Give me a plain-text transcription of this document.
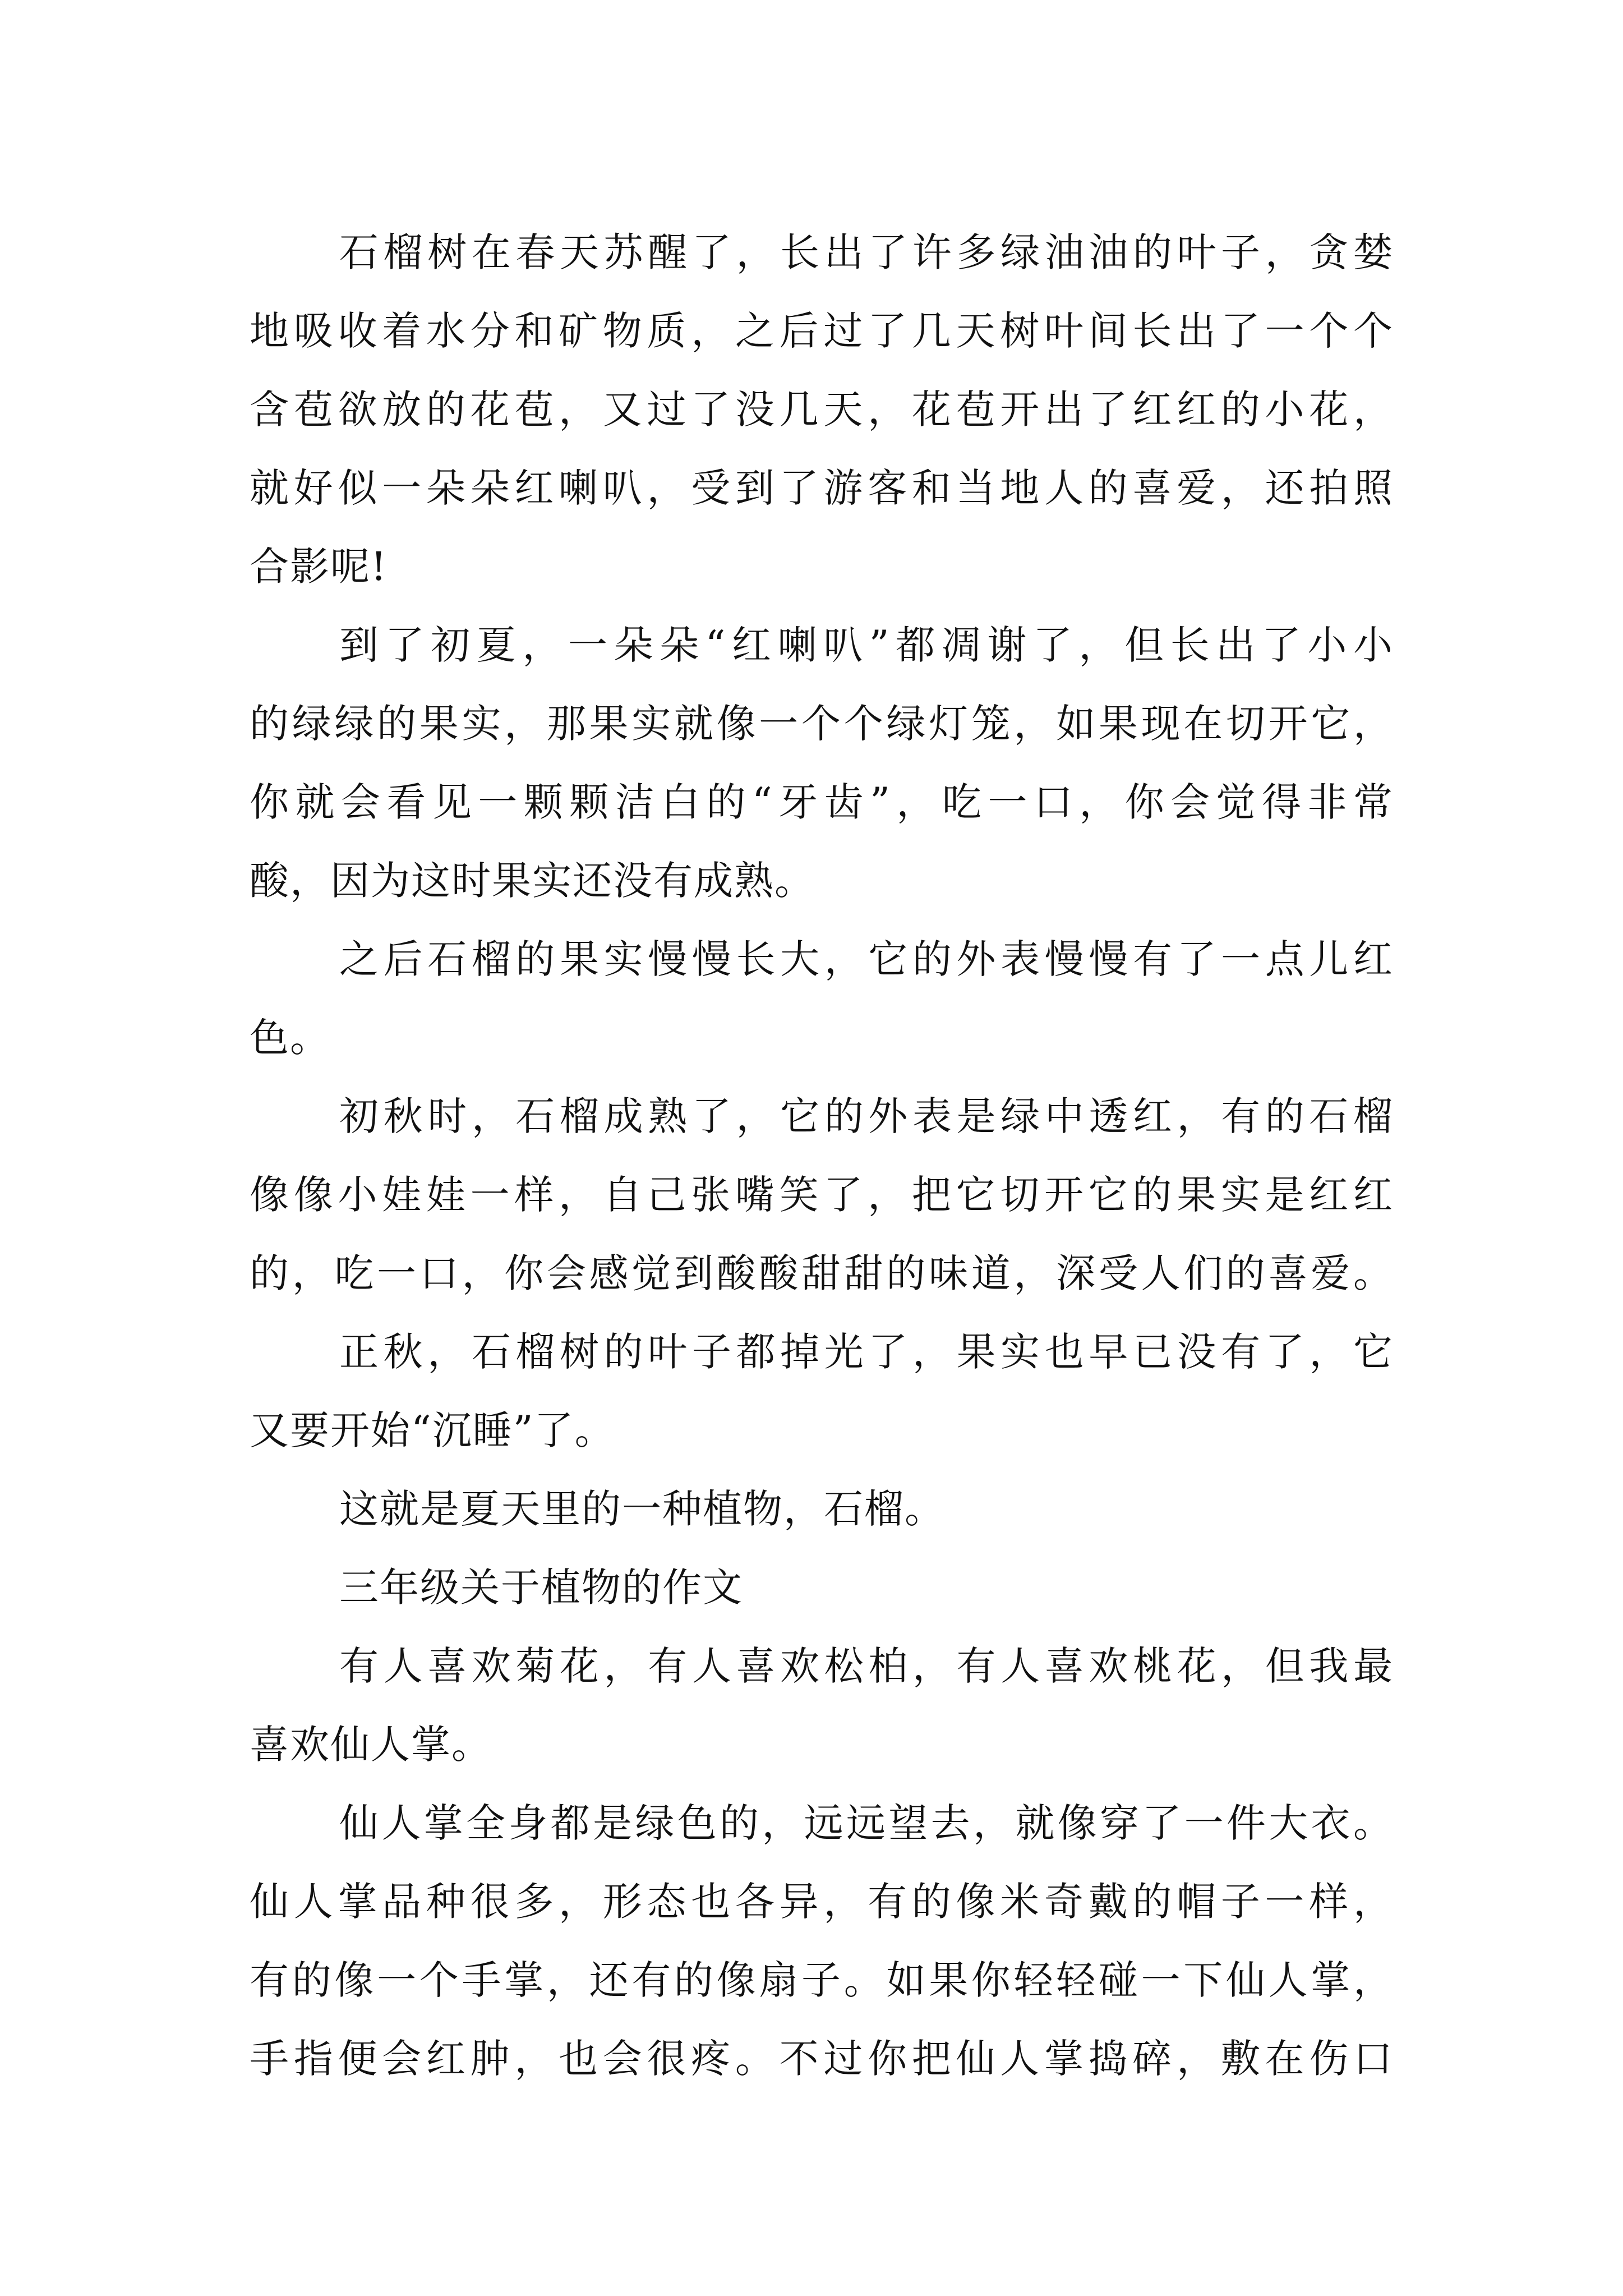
石榴树在春天苏醒了，长出了许多绿油油的叶子，贪婪
地吸收着水分和矿物质，之后过了几天树叶间长出了一个个
含苞欲放的花苞，又过了没几天，花苞开出了红红的小花，
就好似一朵朵红喇叭，受到了游客和当地人的喜爱，还拍照
合影呢!
到了初夏，一朵朵“红喇叭”都凋谢了，但长出了小小
的绿绿的果实，那果实就像一个个绿灯笼，如果现在切开它，
你就会看见一颗颗洁白的“牙齿”，吃一口，你会觉得非常
酸，因为这时果实还没有成熟。
之后石榴的果实慢慢长大，它的外表慢慢有了一点儿红
色。
初秋时，石榴成熟了，它的外表是绿中透红，有的石榴
像像小娃娃一样，自己张嘴笑了，把它切开它的果实是红红
的，吃一口，你会感觉到酸酸甜甜的味道，深受人们的喜爱。
正秋，石榴树的叶子都掉光了，果实也早已没有了，它
又要开始“沉睡”了。
这就是夏天里的一种植物，石榴。
三年级关于植物的作文
有人喜欢菊花，有人喜欢松柏，有人喜欢桃花，但我最
喜欢仙人掌。
仙人掌全身都是绿色的，远远望去，就像穿了一件大衣。
仙人掌品种很多，形态也各异，有的像米奇戴的帽子一样，
有的像一个手掌，还有的像扇子。如果你轻轻碰一下仙人掌，
手指便会红肿，也会很疼。不过你把仙人掌捣碎，敷在伤口
